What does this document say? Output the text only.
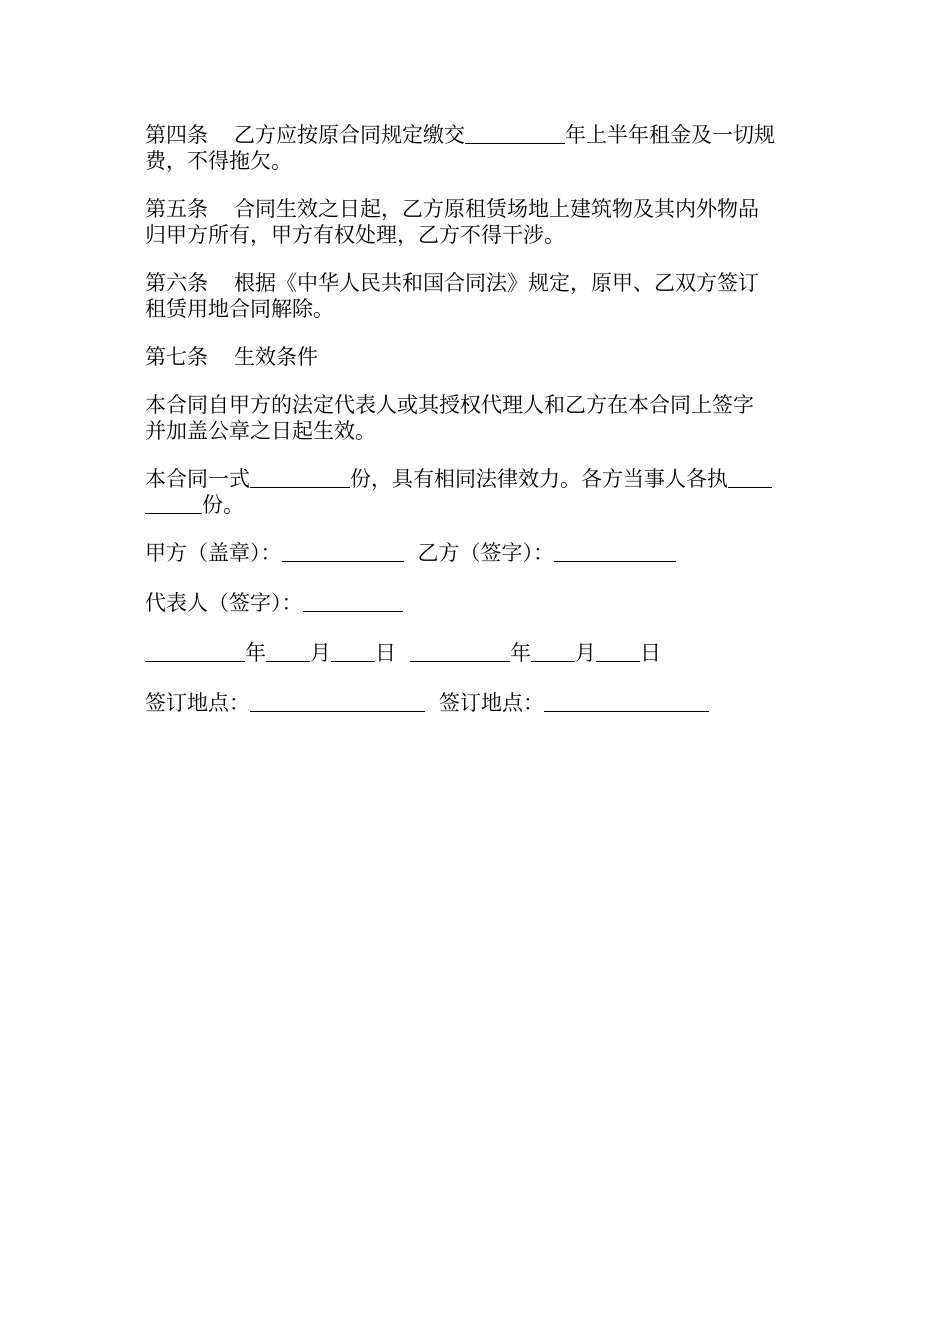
第四条 乙方应按原合同规定缴交	年上半年租金及一切规
费，不得拖欠。
第五条 合同生效之日起，乙方原租赁场地上建筑物及其内外物品
归甲方所有，甲方有权处理，乙方不得干涉。
第六条 根据《中华人民共和国合同法》规定，原甲、乙双方签订
租赁用地合同解除。
第七条 生效条件
本合同自甲方的法定代表人或其授权代理人和乙方在本合同上签字
并加盖公章之日起生效。
本合同一式	份，具有相同法律效力。各方当事人各执
份。
甲方（盖章）：	乙方（签字）：
代表人（签字）：
年 月 日	年 月 日
签订地点：	签订地点：
